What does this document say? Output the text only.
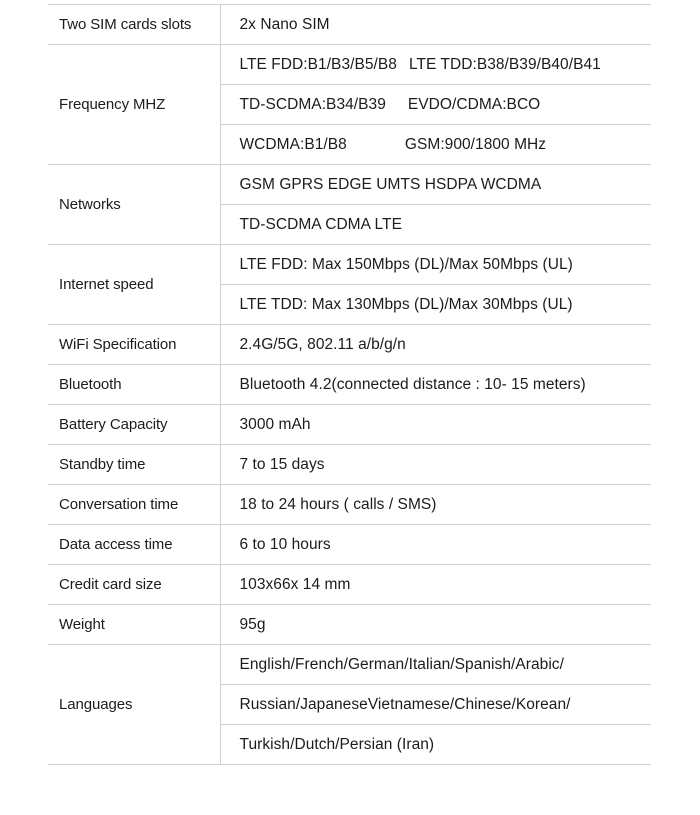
Two SIM cards slots	2x Nano SIM
Frequency MHZ	LTE FDD:B1/B3/B5/B8 LTE TDD:B38/B39/B40/B41
	TD-SCDMA:B34/B39 EVDO/CDMA:BCO
	WCDMA:B1/B8 GSM:900/1800 MHz
Networks	GSM GPRS EDGE UMTS HSDPA WCDMA
	TD-SCDMA CDMA LTE
Internet speed	LTE FDD: Max 150Mbps (DL)/Max 50Mbps (UL)
	LTE TDD: Max 130Mbps (DL)/Max 30Mbps (UL)
WiFi Specification	2.4G/5G, 802.11 a/b/g/n
Bluetooth	Bluetooth 4.2(connected distance : 10- 15 meters)
Battery Capacity	3000 mAh
Standby time	7 to 15 days
Conversation time	18 to 24 hours ( calls / SMS)
Data access time	6 to 10 hours
Credit card size	103x66x 14 mm
Weight	95g
Languages	English/French/German/Italian/Spanish/Arabic/
	Russian/JapaneseVietnamese/Chinese/Korean/
	Turkish/Dutch/Persian (Iran)
